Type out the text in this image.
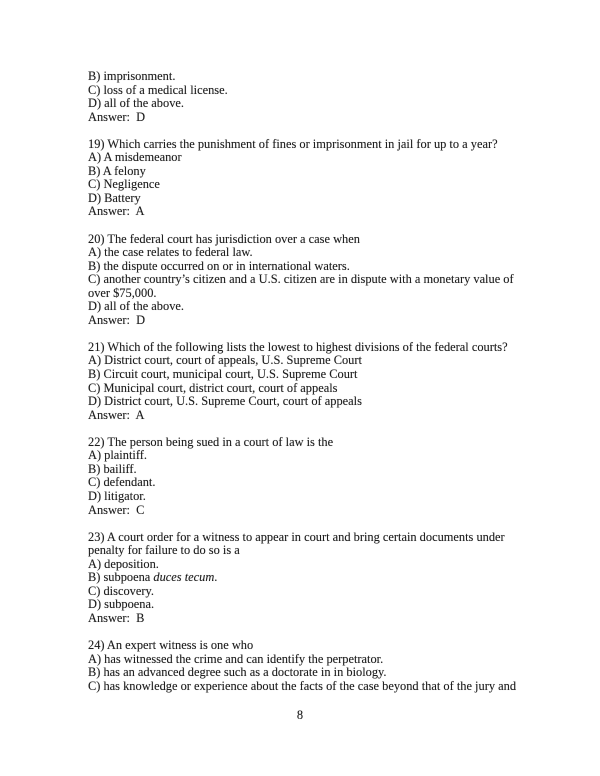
B) imprisonment.
C) loss of a medical license.
D) all of the above.
Answer:  D
19) Which carries the punishment of fines or imprisonment in jail for up to a year?
A) A misdemeanor
B) A felony
C) Negligence
D) Battery
Answer:  A
20) The federal court has jurisdiction over a case when
A) the case relates to federal law.
B) the dispute occurred on or in international waters.
C) another country’s citizen and a U.S. citizen are in dispute with a monetary value of
over $75,000.
D) all of the above.
Answer:  D
21) Which of the following lists the lowest to highest divisions of the federal courts?
A) District court, court of appeals, U.S. Supreme Court
B) Circuit court, municipal court, U.S. Supreme Court
C) Municipal court, district court, court of appeals
D) District court, U.S. Supreme Court, court of appeals
Answer:  A
22) The person being sued in a court of law is the
A) plaintiff.
B) bailiff.
C) defendant.
D) litigator.
Answer:  C
23) A court order for a witness to appear in court and bring certain documents under
penalty for failure to do so is a
A) deposition.
B) subpoena duces tecum.
C) discovery.
D) subpoena.
Answer:  B
24) An expert witness is one who
A) has witnessed the crime and can identify the perpetrator.
B) has an advanced degree such as a doctorate in in biology.
C) has knowledge or experience about the facts of the case beyond that of the jury and
8
